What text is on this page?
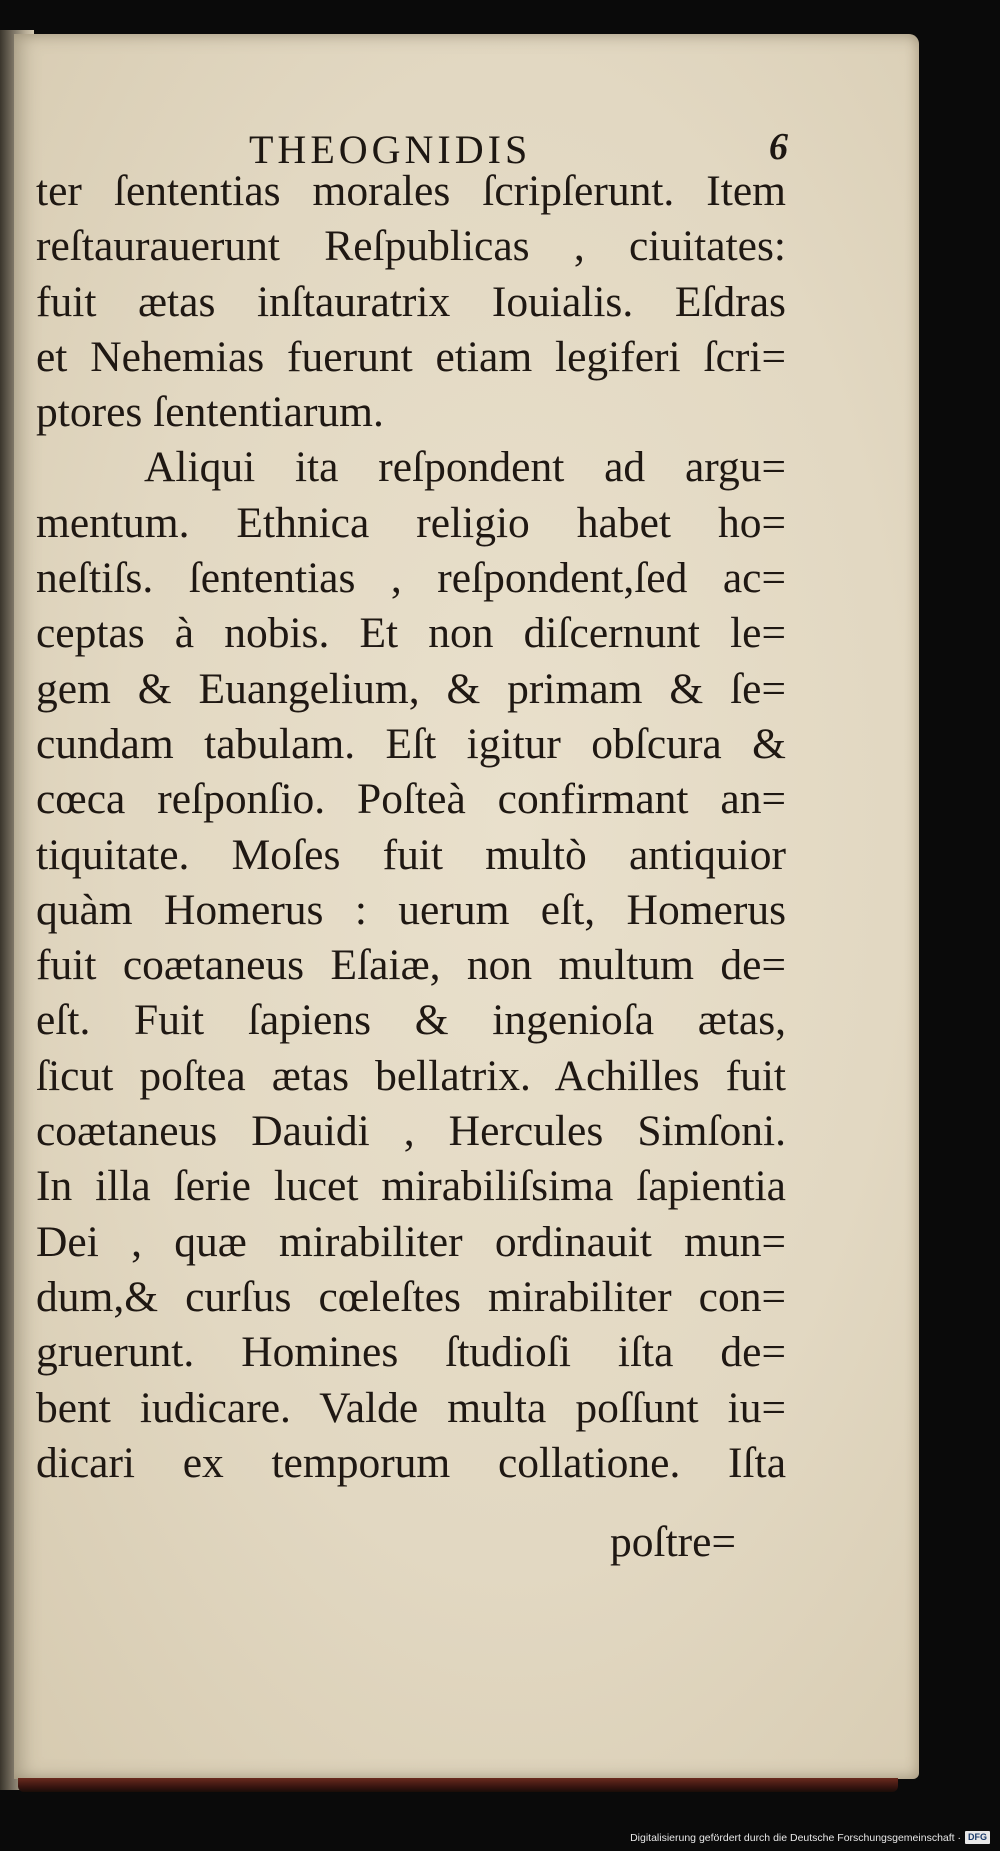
THEOGNIDIS	6
ter ſententias morales ſcripſerunt. Item
reſtaurauerunt Reſpublicas , ciuitates:
fuit ætas inſtauratrix Iouialis. Eſdras
et Nehemias fuerunt etiam legiferi ſcri=
ptores ſententiarum.
Aliqui ita reſpondent ad argu=
mentum. Ethnica religio habet ho=
neſtiſs. ſententias , reſpondent,ſed ac=
ceptas à nobis. Et non diſcernunt le=
gem & Euangelium, & primam & ſe=
cundam tabulam. Eſt igitur obſcura &
cœca reſponſio. Poſteà confirmant an=
tiquitate. Moſes fuit multò antiquior
quàm Homerus : uerum eſt, Homerus
fuit coætaneus Eſaiæ, non multum de=
eſt. Fuit ſapiens & ingenioſa ætas,
ſicut poſtea ætas bellatrix. Achilles fuit
coætaneus Dauidi , Hercules Simſoni.
In illa ſerie lucet mirabiliſsima ſapientia
Dei , quæ mirabiliter ordinauit mun=
dum,& curſus cœleſtes mirabiliter con=
gruerunt. Homines ſtudioſi iſta de=
bent iudicare. Valde multa poſſunt iu=
dicari ex temporum collatione. Iſta
poſtre=
Digitalisierung gefördert durch die Deutsche Forschungsgemeinschaft · DFG
